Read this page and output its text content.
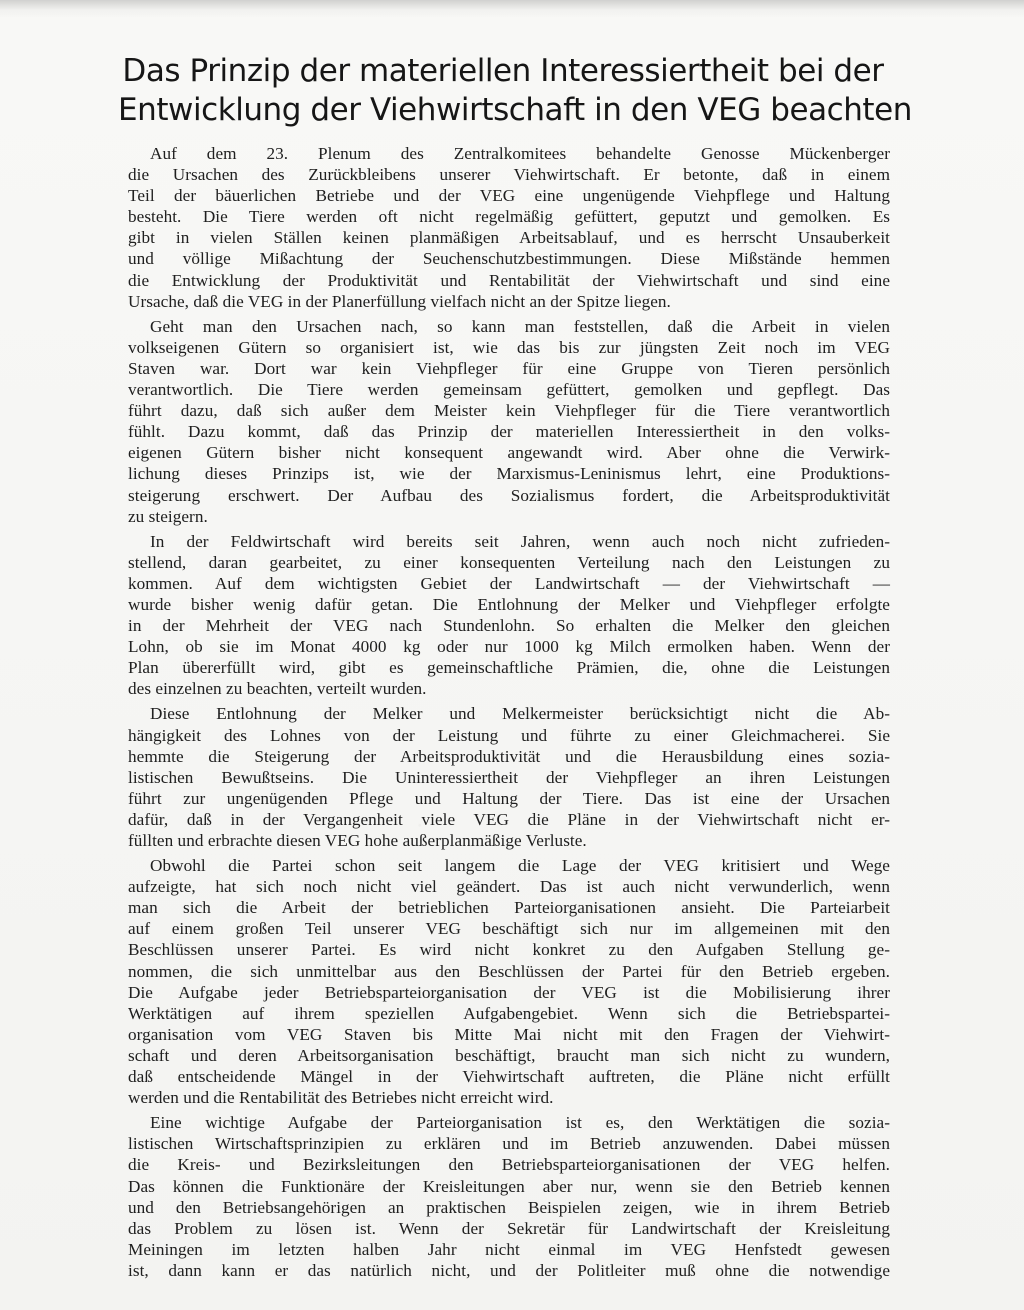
Das Prinzip der materiellen Interessiertheit bei der
Entwicklung der Viehwirtschaft in den VEG beachten

Auf dem 23. Plenum des Zentralkomitees behandelte Genosse Mückenberger
die Ursachen des Zurückbleibens unserer Viehwirtschaft. Er betonte, daß in einem
Teil der bäuerlichen Betriebe und der VEG eine ungenügende Viehpflege und Haltung
besteht. Die Tiere werden oft nicht regelmäßig gefüttert, geputzt und gemolken. Es
gibt in vielen Ställen keinen planmäßigen Arbeitsablauf, und es herrscht Unsauberkeit
und völlige Mißachtung der Seuchenschutzbestimmungen. Diese Mißstände hemmen
die Entwicklung der Produktivität und Rentabilität der Viehwirtschaft und sind eine
Ursache, daß die VEG in der Planerfüllung vielfach nicht an der Spitze liegen.

Geht man den Ursachen nach, so kann man feststellen, daß die Arbeit in vielen
volkseigenen Gütern so organisiert ist, wie das bis zur jüngsten Zeit noch im VEG
Staven war. Dort war kein Viehpfleger für eine Gruppe von Tieren persönlich
verantwortlich. Die Tiere werden gemeinsam gefüttert, gemolken und gepflegt. Das
führt dazu, daß sich außer dem Meister kein Viehpfleger für die Tiere verantwortlich
fühlt. Dazu kommt, daß das Prinzip der materiellen Interessiertheit in den volks-
eigenen Gütern bisher nicht konsequent angewandt wird. Aber ohne die Verwirk-
lichung dieses Prinzips ist, wie der Marxismus-Leninismus lehrt, eine Produktions-
steigerung erschwert. Der Aufbau des Sozialismus fordert, die Arbeitsproduktivität
zu steigern.

In der Feldwirtschaft wird bereits seit Jahren, wenn auch noch nicht zufrieden-
stellend, daran gearbeitet, zu einer konsequenten Verteilung nach den Leistungen zu
kommen. Auf dem wichtigsten Gebiet der Landwirtschaft — der Viehwirtschaft —
wurde bisher wenig dafür getan. Die Entlohnung der Melker und Viehpfleger erfolgte
in der Mehrheit der VEG nach Stundenlohn. So erhalten die Melker den gleichen
Lohn, ob sie im Monat 4000 kg oder nur 1000 kg Milch ermolken haben. Wenn der
Plan übererfüllt wird, gibt es gemeinschaftliche Prämien, die, ohne die Leistungen
des einzelnen zu beachten, verteilt wurden.

Diese Entlohnung der Melker und Melkermeister berücksichtigt nicht die Ab-
hängigkeit des Lohnes von der Leistung und führte zu einer Gleichmacherei. Sie
hemmte die Steigerung der Arbeitsproduktivität und die Herausbildung eines sozia-
listischen Bewußtseins. Die Uninteressiertheit der Viehpfleger an ihren Leistungen
führt zur ungenügenden Pflege und Haltung der Tiere. Das ist eine der Ursachen
dafür, daß in der Vergangenheit viele VEG die Pläne in der Viehwirtschaft nicht er-
füllten und erbrachte diesen VEG hohe außerplanmäßige Verluste.

Obwohl die Partei schon seit langem die Lage der VEG kritisiert und Wege
aufzeigte, hat sich noch nicht viel geändert. Das ist auch nicht verwunderlich, wenn
man sich die Arbeit der betrieblichen Parteiorganisationen ansieht. Die Parteiarbeit
auf einem großen Teil unserer VEG beschäftigt sich nur im allgemeinen mit den
Beschlüssen unserer Partei. Es wird nicht konkret zu den Aufgaben Stellung ge-
nommen, die sich unmittelbar aus den Beschlüssen der Partei für den Betrieb ergeben.
Die Aufgabe jeder Betriebsparteiorganisation der VEG ist die Mobilisierung ihrer
Werktätigen auf ihrem speziellen Aufgabengebiet. Wenn sich die Betriebspartei-
organisation vom VEG Staven bis Mitte Mai nicht mit den Fragen der Viehwirt-
schaft und deren Arbeitsorganisation beschäftigt, braucht man sich nicht zu wundern,
daß entscheidende Mängel in der Viehwirtschaft auftreten, die Pläne nicht erfüllt
werden und die Rentabilität des Betriebes nicht erreicht wird.

Eine wichtige Aufgabe der Parteiorganisation ist es, den Werktätigen die sozia-
listischen Wirtschaftsprinzipien zu erklären und im Betrieb anzuwenden. Dabei müssen
die Kreis- und Bezirksleitungen den Betriebsparteiorganisationen der VEG helfen.
Das können die Funktionäre der Kreisleitungen aber nur, wenn sie den Betrieb kennen
und den Betriebsangehörigen an praktischen Beispielen zeigen, wie in ihrem Betrieb
das Problem zu lösen ist. Wenn der Sekretär für Landwirtschaft der Kreisleitung
Meiningen im letzten halben Jahr nicht einmal im VEG Henfstedt gewesen
ist, dann kann er das natürlich nicht, und der Politleiter muß ohne die notwendige
